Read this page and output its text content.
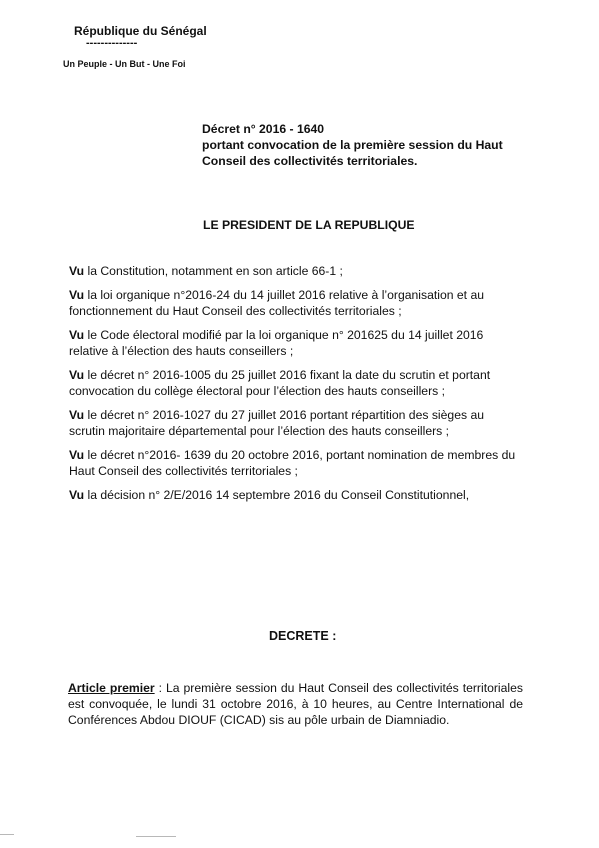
République du Sénégal
--------------
Un Peuple - Un But - Une Foi
Décret n° 2016 - 1640
portant convocation de la première session du Haut
Conseil des collectivités territoriales.
LE PRESIDENT DE LA REPUBLIQUE

Vu la Constitution, notamment en son article 66-1 ;

Vu la loi organique n°2016-24 du 14 juillet 2016 relative à l’organisation et au fonctionnement du Haut Conseil des collectivités territoriales ;

Vu le Code électoral modifié par la loi organique n° 201625 du 14 juillet 2016 relative à l’élection des hauts conseillers ;

Vu le décret n° 2016-1005 du 25 juillet 2016 fixant la date du scrutin et portant convocation du collège électoral pour l’élection des hauts conseillers ;

Vu le décret n° 2016-1027 du 27 juillet 2016 portant répartition des sièges au scrutin majoritaire départemental pour l’élection des hauts conseillers ;

Vu le décret n°2016- 1639 du 20 octobre 2016, portant nomination de membres du Haut Conseil des collectivités territoriales ;

Vu la décision n° 2/E/2016 14 septembre 2016 du Conseil Constitutionnel,

DECRETE :
Article premier : La première session du Haut Conseil des collectivités territoriales est convoquée, le lundi 31 octobre 2016, à 10 heures, au Centre International de Conférences Abdou DIOUF (CICAD) sis au pôle urbain de Diamniadio.
